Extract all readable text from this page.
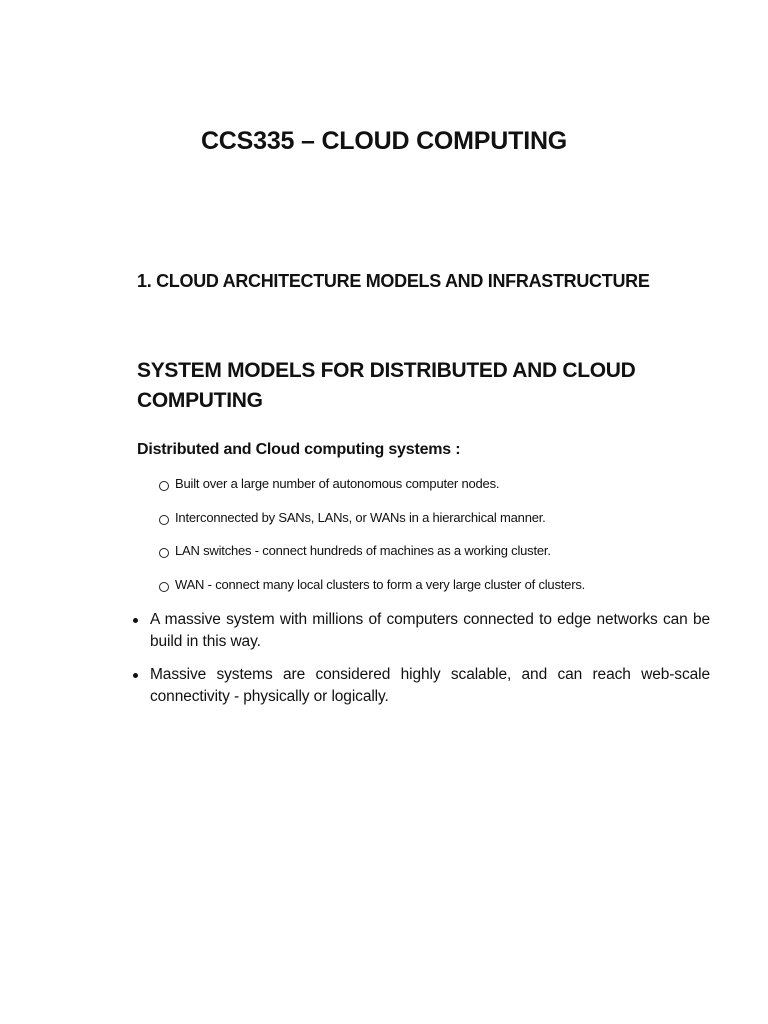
CCS335 – CLOUD COMPUTING
1. CLOUD ARCHITECTURE MODELS AND INFRASTRUCTURE
SYSTEM MODELS FOR DISTRIBUTED AND CLOUD COMPUTING
Distributed and Cloud computing systems :
Built over a large number of autonomous computer nodes.
Interconnected by SANs, LANs, or WANs in a hierarchical manner.
LAN switches - connect hundreds of machines as a working cluster.
WAN - connect many local clusters to form a very large cluster of clusters.
A massive system with millions of computers connected to edge networks can be build in this way.
Massive systems are considered highly scalable, and can reach web-scale connectivity - physically or logically.
